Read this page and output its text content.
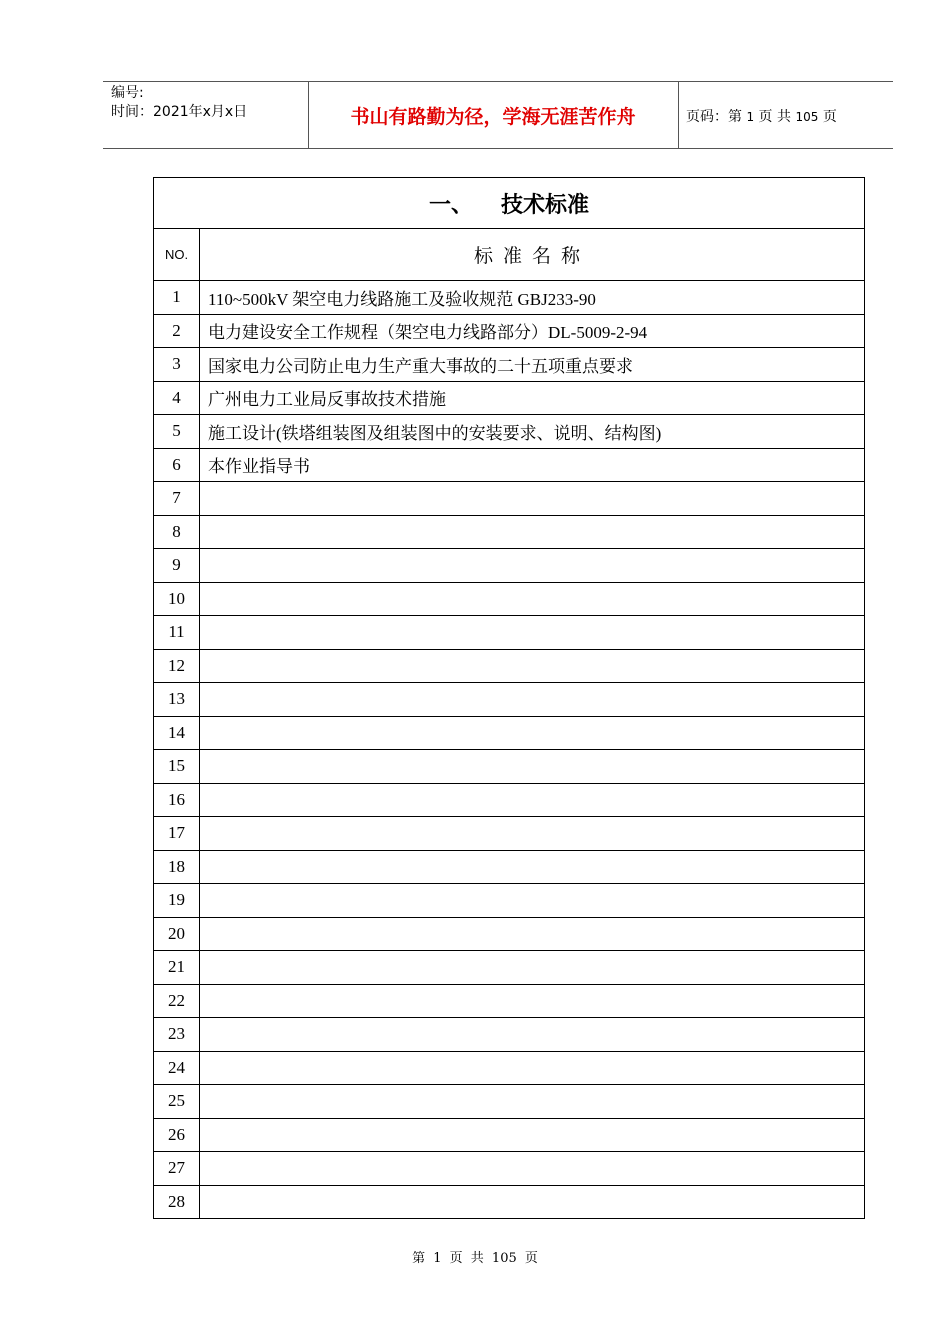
编号:
时间：2021年x月x日	书山有路勤为径，学海无涯苦作舟	页码：第 1 页 共 105 页
一、 技术标准	
NO.	标准名称
1	110~500kV 架空电力线路施工及验收规范 GBJ233-90
2	电力建设安全工作规程（架空电力线路部分）DL-5009-2-94
3	国家电力公司防止电力生产重大事故的二十五项重点要求
4	广州电力工业局反事故技术措施
5	施工设计(铁塔组装图及组装图中的安装要求、说明、结构图)
6	本作业指导书
7	
8	
9	
10	
11	
12	
13	
14	
15	
16	
17	
18	
19	
20	
21	
22	
23	
24	
25	
26	
27	
28	
第 1 页 共 105 页
